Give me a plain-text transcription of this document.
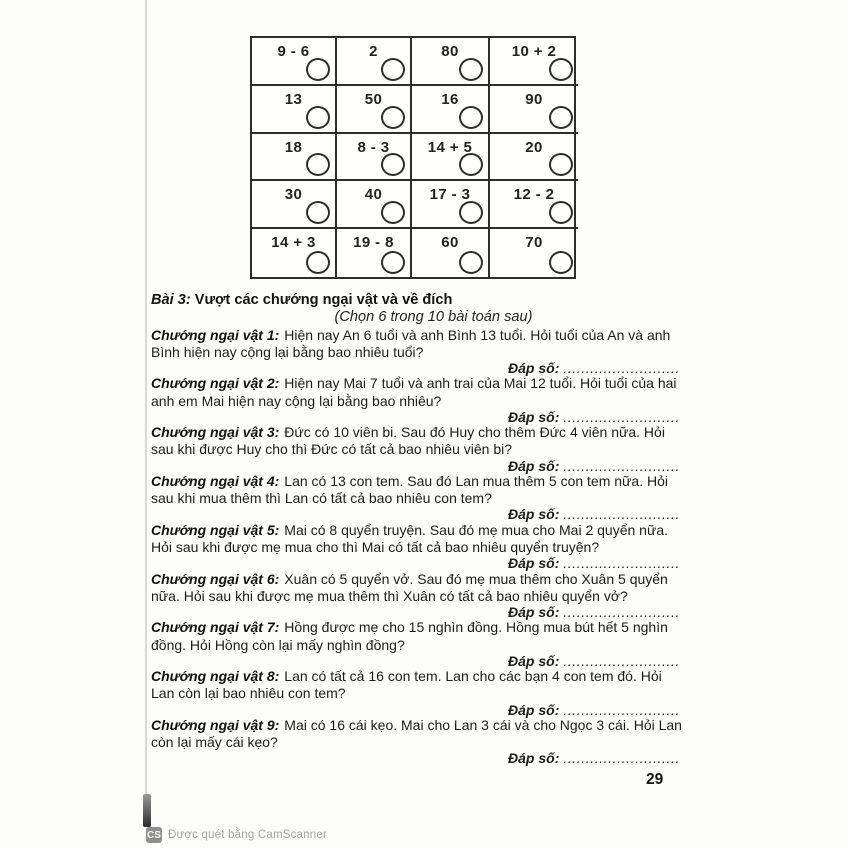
9 - 6	2	80	10 + 2
13	50	16	90
18	8 - 3	14 + 5	20
30	40	17 - 3	12 - 2
14 + 3	19 - 8	60	70
Bài 3: Vượt các chướng ngại vật và về đích
(Chọn 6 trong 10 bài toán sau)

Chướng ngại vật 1: Hiện nay An 6 tuổi và anh Bình 13 tuổi. Hỏi tuổi của An và anh Bình hiện nay cộng lại bằng bao nhiêu tuổi?

Đáp số: ..........................

Chướng ngại vật 2: Hiện nay Mai 7 tuổi và anh trai của Mai 12 tuổi. Hỏi tuổi của hai anh em Mai hiện nay cộng lại bằng bao nhiêu?

Đáp số: ..........................

Chướng ngại vật 3: Đức có 10 viên bi. Sau đó Huy cho thêm Đức 4 viên nữa. Hỏi sau khi được Huy cho thì Đức có tất cả bao nhiêu viên bi?

Đáp số: ..........................

Chướng ngại vật 4: Lan có 13 con tem. Sau đó Lan mua thêm 5 con tem nữa. Hỏi sau khi mua thêm thì Lan có tất cả bao nhiêu con tem?

Đáp số: ..........................

Chướng ngại vật 5: Mai có 8 quyển truyện. Sau đó mẹ mua cho Mai 2 quyển nữa. Hỏi sau khi được mẹ mua cho thì Mai có tất cả bao nhiêu quyển truyện?

Đáp số: ..........................

Chướng ngại vật 6: Xuân có 5 quyển vở. Sau đó mẹ mua thêm cho Xuân 5 quyển nữa. Hỏi sau khi được mẹ mua thêm thì Xuân có tất cả bao nhiêu quyển vở?

Đáp số: ..........................

Chướng ngại vật 7: Hồng được mẹ cho 15 nghìn đồng. Hồng mua bút hết 5 nghìn đồng. Hỏi Hồng còn lại mấy nghìn đồng?

Đáp số: ..........................

Chướng ngại vật 8: Lan có tất cả 16 con tem. Lan cho các bạn 4 con tem đó. Hỏi Lan còn lại bao nhiêu con tem?

Đáp số: ..........................

Chướng ngại vật 9: Mai có 16 cái kẹo. Mai cho Lan 3 cái và cho Ngọc 3 cái. Hỏi Lan còn lại mấy cái kẹo?

Đáp số: ..........................
29
CS Được quét bằng CamScanner
